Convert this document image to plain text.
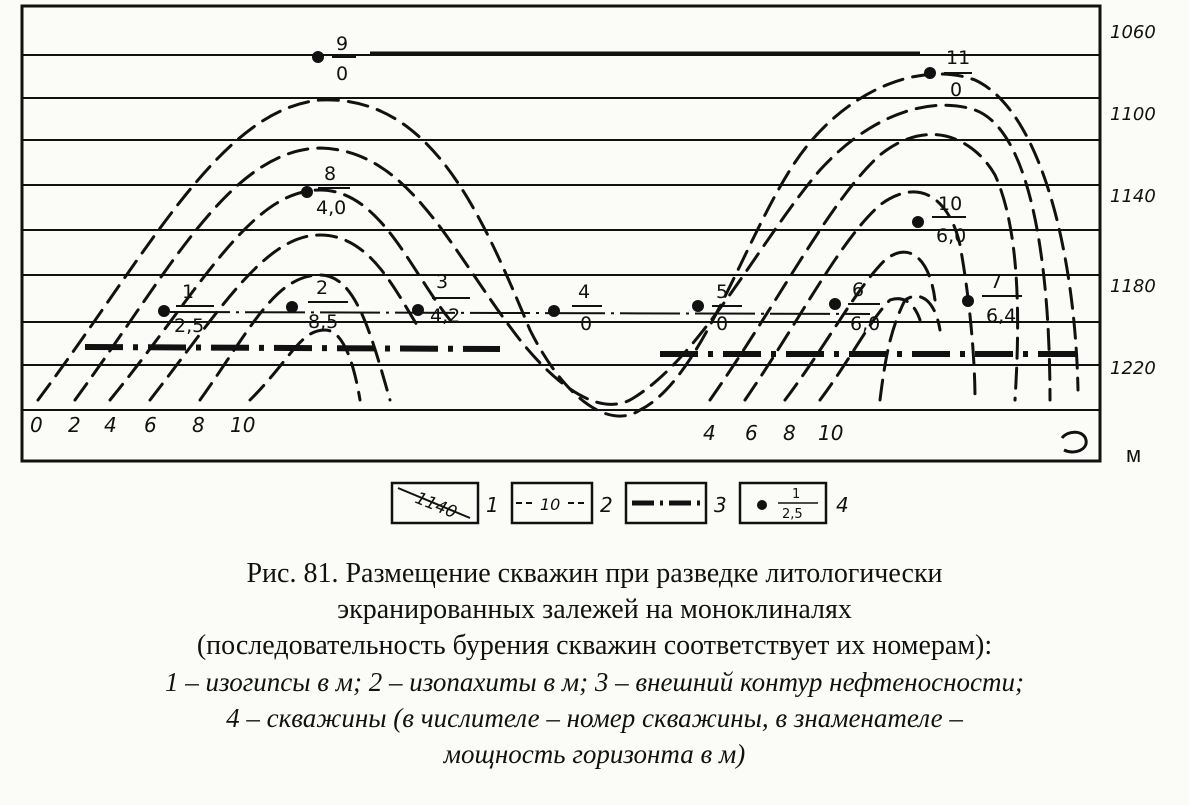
1060
1100
1140
1180
1220
м
0 2 4 6 8 10	4 6 8 10
9
0
11
0
8
4,0	10
6,0
1
2,5
2
8,5
3
4,2
4
0
5
0
6
6,0
7
6,4
1140 1	10 2	3	1
2,5 4
Рис. 81. Размещение скважин при разведке литологически
экранированных залежей на моноклиналях
(последовательность бурения скважин соответствует их номерам):
1 – изогипсы в м; 2 – изопахиты в м; 3 – внешний контур нефтеносности;
4 – скважины (в числителе – номер скважины, в знаменателе –
мощность горизонта в м)
